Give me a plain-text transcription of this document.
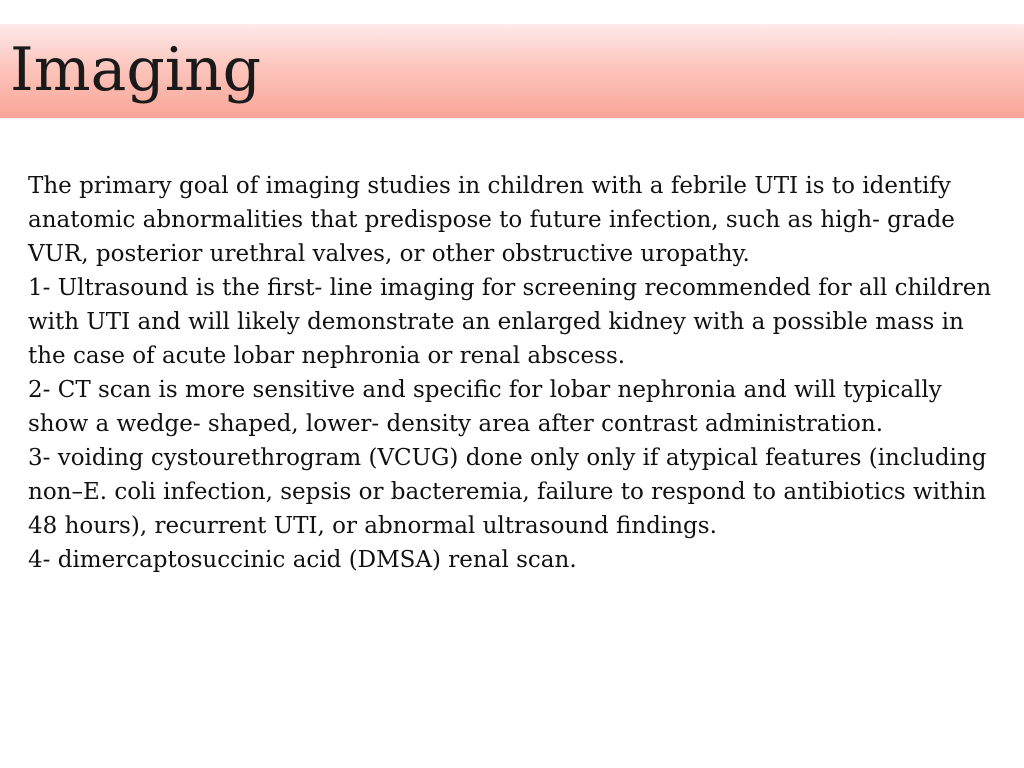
Imaging

The primary goal of imaging studies in children with a febrile UTI is to identify anatomic abnormalities that predispose to future infection, such as high- grade VUR, posterior urethral valves, or other obstructive uropathy.

1- Ultrasound is the first- line imaging for screening recommended for all children with UTI and will likely demonstrate an enlarged kidney with a possible mass in the case of acute lobar nephronia or renal abscess.

2- CT scan is more sensitive and specific for lobar nephronia and will typically show a wedge- shaped, lower- density area after contrast administration.

3- voiding cystourethrogram (VCUG) done only only if atypical features (including non–E. coli infection, sepsis or bacteremia, failure to respond to antibiotics within 48 hours), recurrent UTI, or abnormal ultrasound findings.

4- dimercaptosuccinic acid (DMSA) renal scan.
